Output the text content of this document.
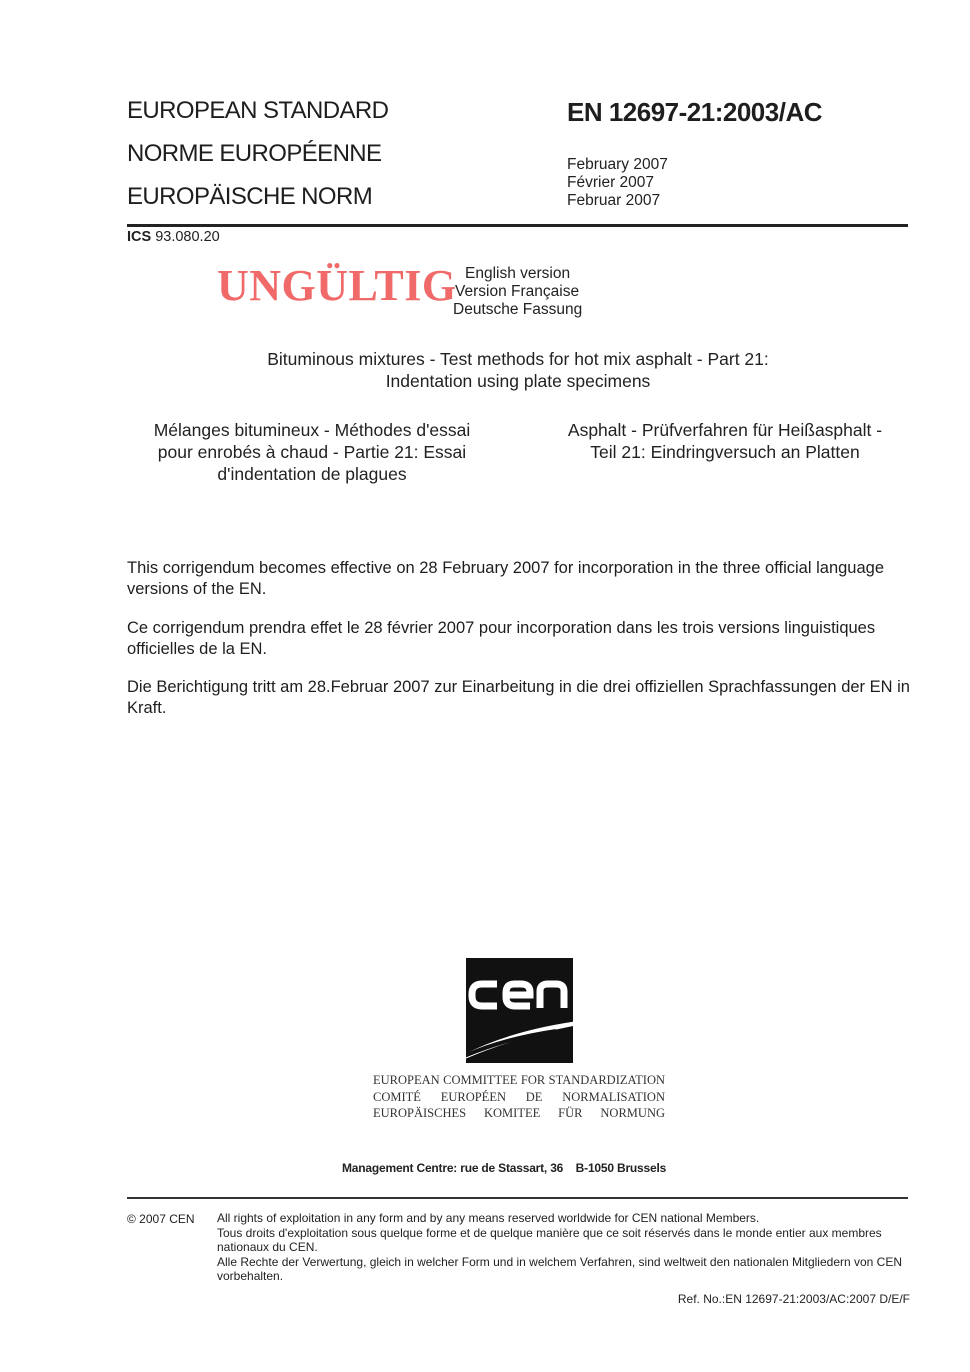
EUROPEAN STANDARD
NORME EUROPÉENNE
EUROPÄISCHE NORM
EN 12697-21:2003/AC
February 2007
Février 2007
Februar 2007
ICS 93.080.20
UNGÜLTIG English version
Version Française
Deutsche Fassung
Bituminous mixtures - Test methods for hot mix asphalt - Part 21:
Indentation using plate specimens
Mélanges bitumineux - Méthodes d'essai
pour enrobés à chaud - Partie 21: Essai
d'indentation de plagues
Asphalt - Prüfverfahren für Heißasphalt -
Teil 21: Eindringversuch an Platten
This corrigendum becomes effective on 28 February 2007 for incorporation in the three official language versions of the EN.
Ce corrigendum prendra effet le 28 février 2007 pour incorporation dans les trois versions linguistiques officielles de la EN.
Die Berichtigung tritt am 28.Februar 2007 zur Einarbeitung in die drei offiziellen Sprachfassungen der EN in Kraft.
EUROPEAN COMMITTEE FOR STANDARDIZATION
COMITÉ EUROPÉEN DE NORMALISATION
EUROPÄISCHES KOMITEE FÜR NORMUNG
Management Centre: rue de Stassart, 36    B-1050 Brussels
© 2007 CEN All rights of exploitation in any form and by any means reserved worldwide for CEN national Members.
Tous droits d'exploitation sous quelque forme et de quelque manière que ce soit réservés dans le monde entier aux membres nationaux du CEN.
Alle Rechte der Verwertung, gleich in welcher Form und in welchem Verfahren, sind weltweit den nationalen Mitgliedern von CEN vorbehalten.
Ref. No.:EN 12697-21:2003/AC:2007 D/E/F
